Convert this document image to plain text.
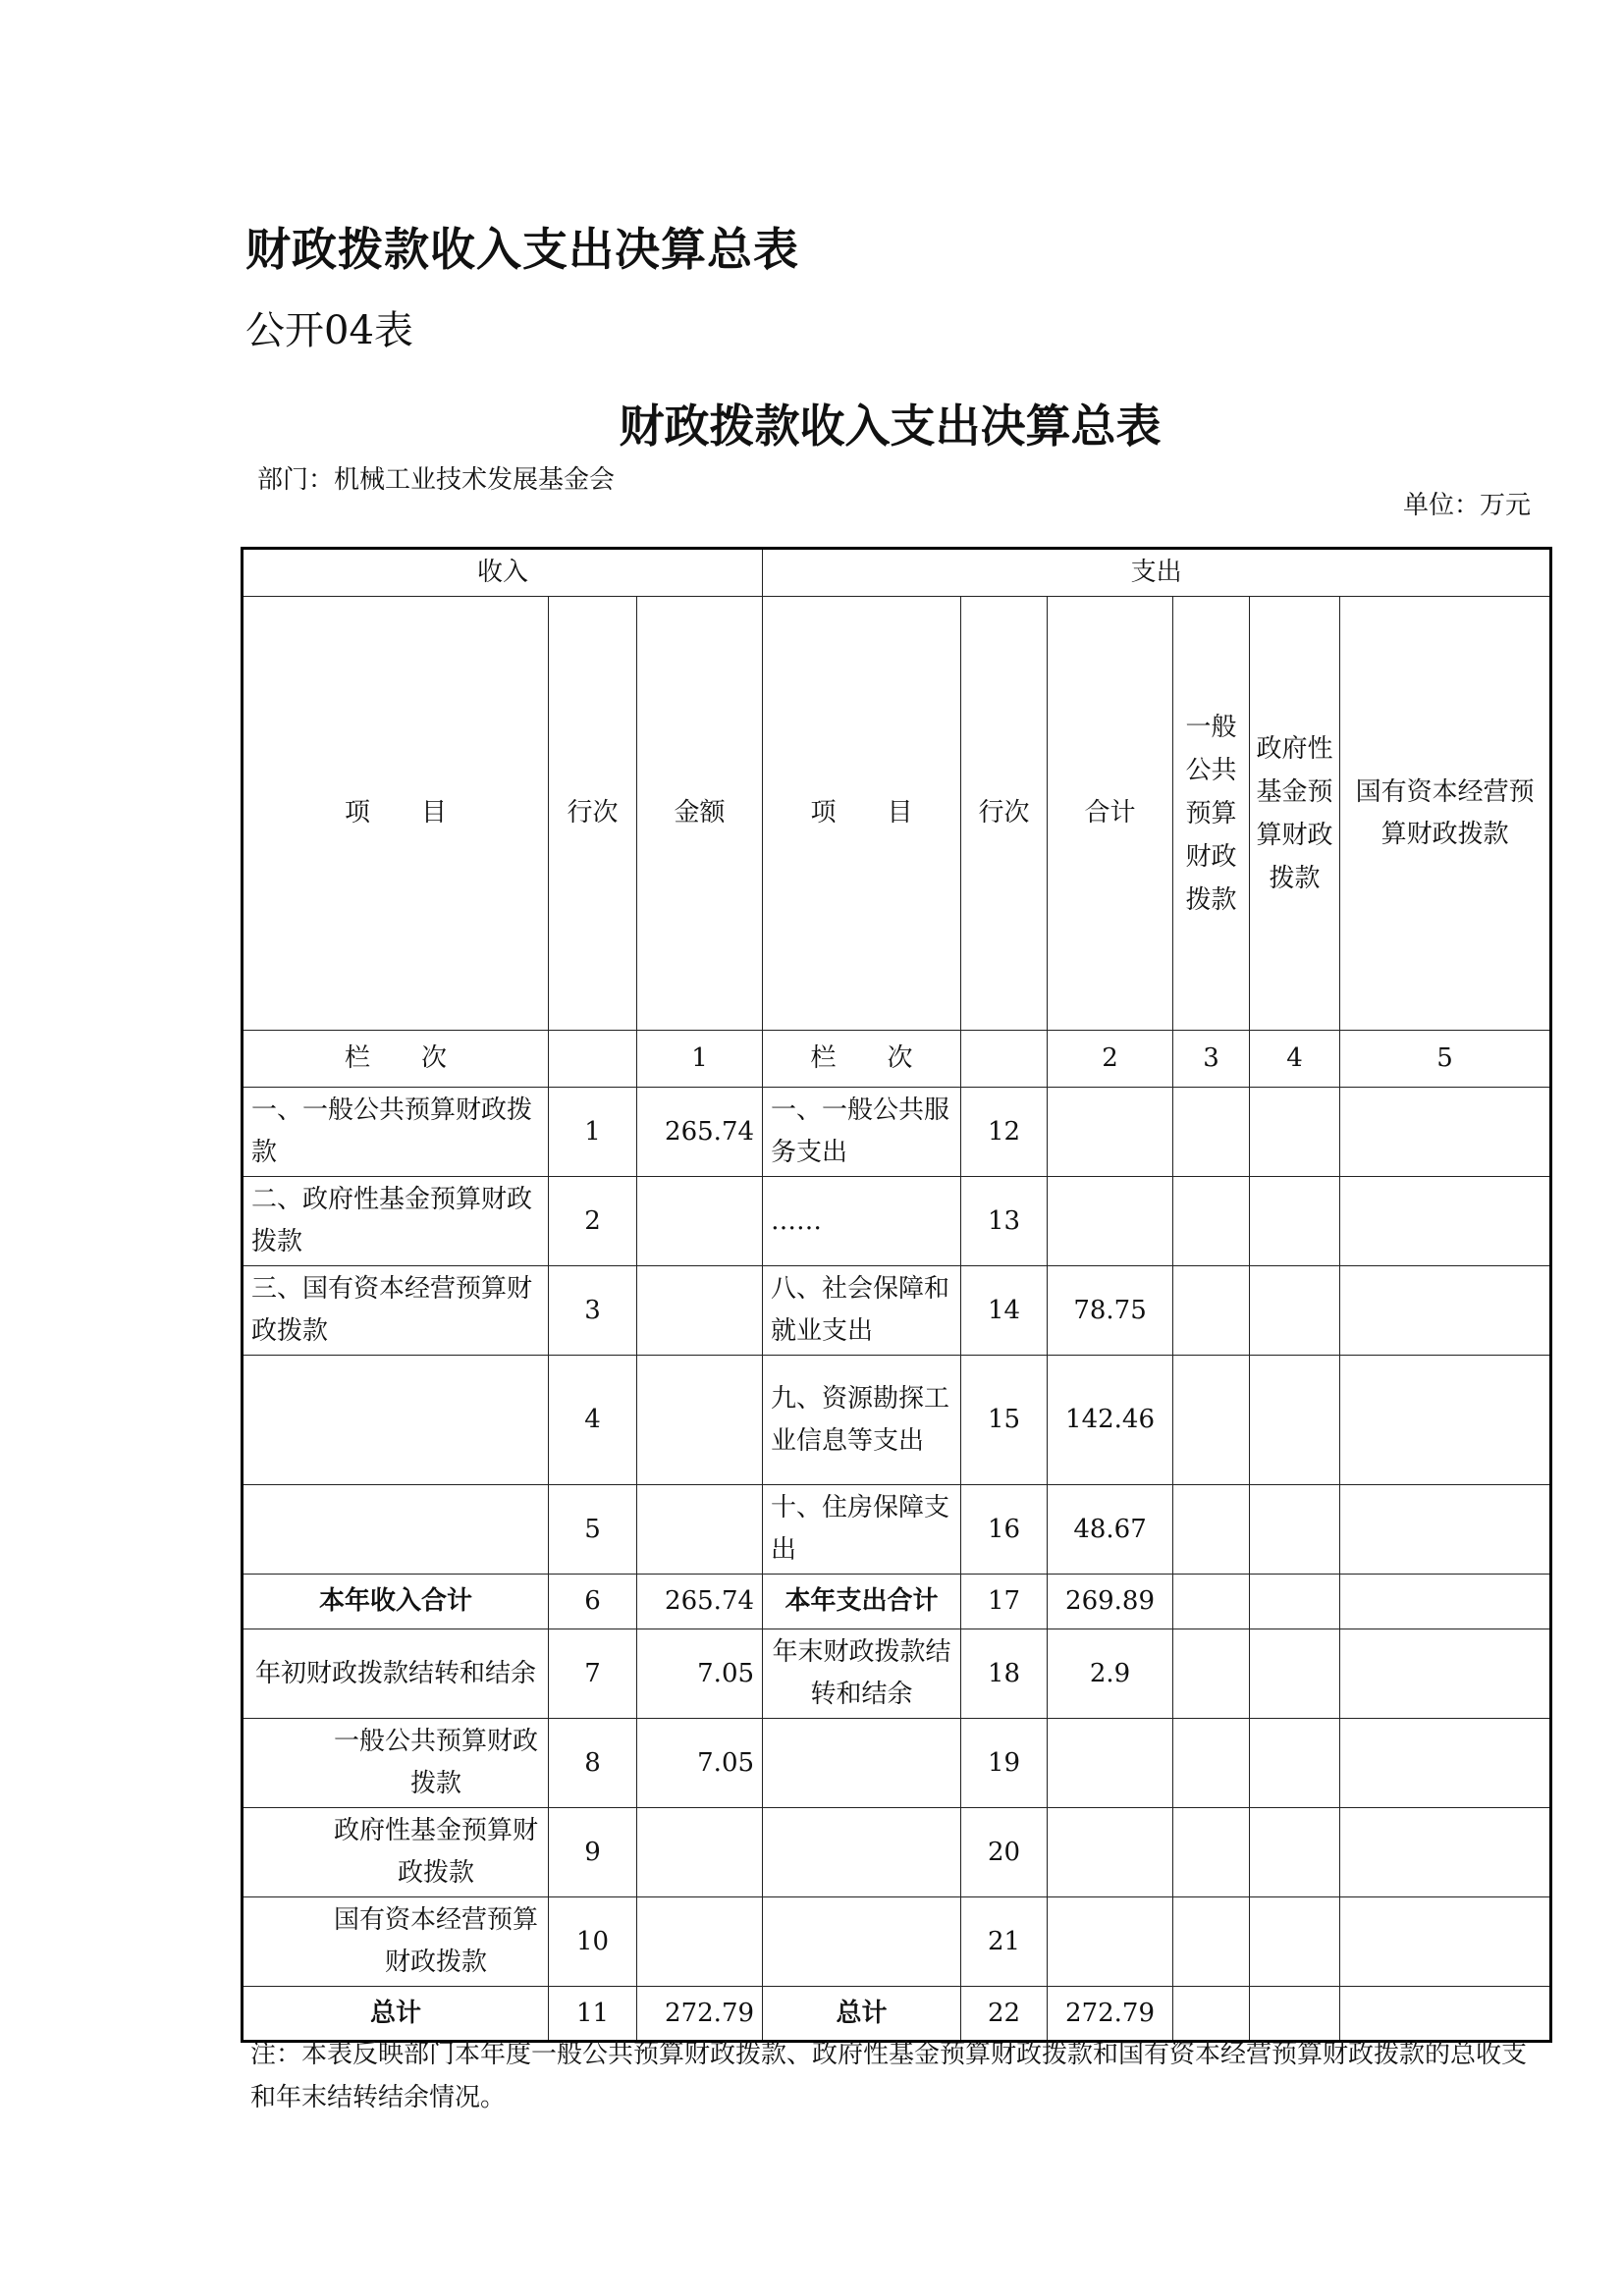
财政拨款收入支出决算总表
公开04表
财政拨款收入支出决算总表
部门：机械工业技术发展基金会
单位：万元
收入			支出					
项　　目	行次	金额	项　　目	行次	合计	一般公共预算财政拨款	政府性基金预算财政拨款	国有资本经营预算财政拨款
栏　　次		1	栏　　次		2	3	4	5
一、一般公共预算财政拨款	1	265.74	一、一般公共服务支出	12				
二、政府性基金预算财政拨款	2		……	13				
三、国有资本经营预算财政拨款	3		八、社会保障和就业支出	14	78.75			
	4		九、资源勘探工业信息等支出	15	142.46			
	5		十、住房保障支出	16	48.67			
本年收入合计	6	265.74	本年支出合计	17	269.89			
年初财政拨款结转和结余	7	7.05	年末财政拨款结转和结余	18	2.9			
一般公共预算财政拨款	8	7.05		19				
政府性基金预算财政拨款	9			20				
国有资本经营预算财政拨款	10			21				
总计	11	272.79	总计	22	272.79			
注：本表反映部门本年度一般公共预算财政拨款、政府性基金预算财政拨款和国有资本经营预算财政拨款的总收支和年末结转结余情况。
